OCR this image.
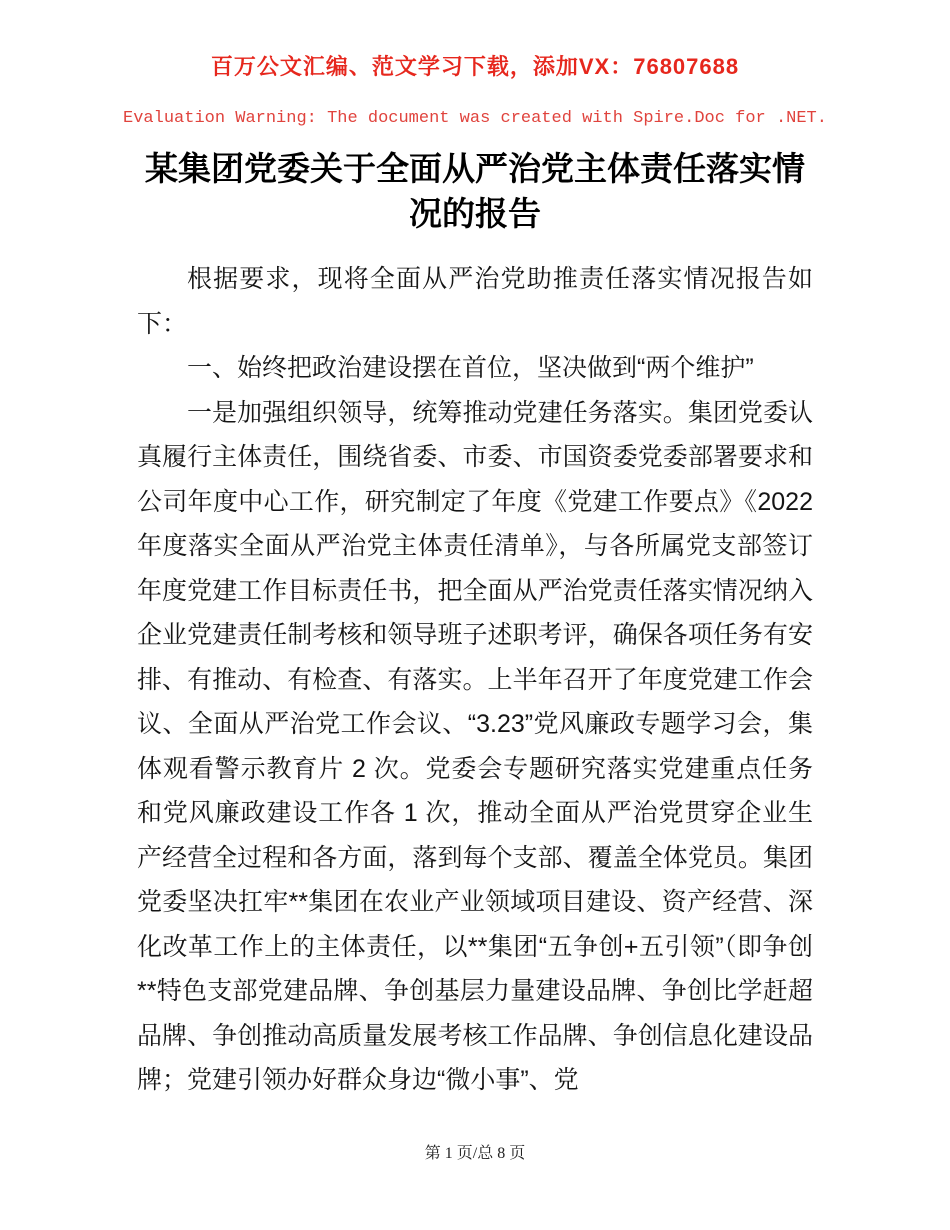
百万公文汇编、范文学习下载，添加VX：76807688
Evaluation Warning: The document was created with Spire.Doc for .NET.
某集团党委关于全面从严治党主体责任落实情况的报告

根据要求，现将全面从严治党助推责任落实情况报告如下：

一、始终把政治建设摆在首位，坚决做到“两个维护”

一是加强组织领导，统筹推动党建任务落实。集团党委认真履行主体责任，围绕省委、市委、市国资委党委部署要求和公司年度中心工作，研究制定了年度《党建工作要点》《2022 年度落实全面从严治党主体责任清单》，与各所属党支部签订年度党建工作目标责任书，把全面从严治党责任落实情况纳入企业党建责任制考核和领导班子述职考评，确保各项任务有安排、有推动、有检查、有落实。上半年召开了年度党建工作会议、全面从严治党工作会议、“3.23”党风廉政专题学习会，集体观看警示教育片 2 次。党委会专题研究落实党建重点任务和党风廉政建设工作各 1 次，推动全面从严治党贯穿企业生产经营全过程和各方面，落到每个支部、覆盖全体党员。集团党委坚决扛牢**集团在农业产业领域项目建设、资产经营、深化改革工作上的主体责任，以**集团“五争创+五引领”（即争创**特色支部党建品牌、争创基层力量建设品牌、争创比学赶超品牌、争创推动高质量发展考核工作品牌、争创信息化建设品牌；党建引领办好群众身边“微小事”、党

第 1 页/总 8 页
